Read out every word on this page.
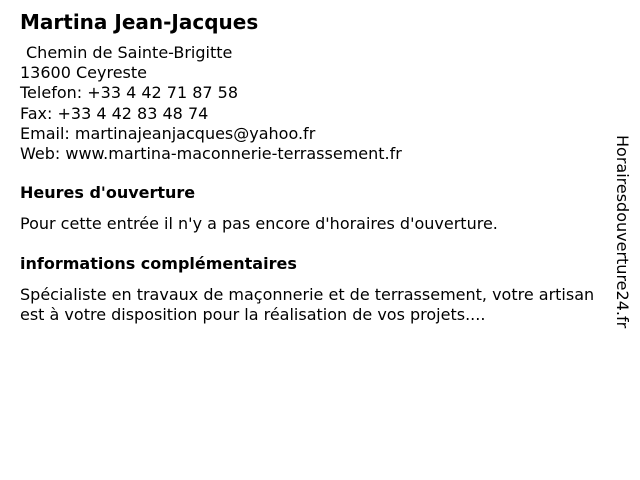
Martina Jean-Jacques
Chemin de Sainte-Brigitte
13600 Ceyreste
Telefon: +33 4 42 71 87 58
Fax: +33 4 42 83 48 74
Email: martinajeanjacques@yahoo.fr
Web: www.martina-maconnerie-terrassement.fr
Heures d'ouverture

Pour cette entrée il n'y a pas encore d'horaires d'ouverture.

informations complémentaires

Spécialiste en travaux de maçonnerie et de terrassement, votre artisan est à votre disposition pour la réalisation de vos projets....	Horairesdouverture24.fr
